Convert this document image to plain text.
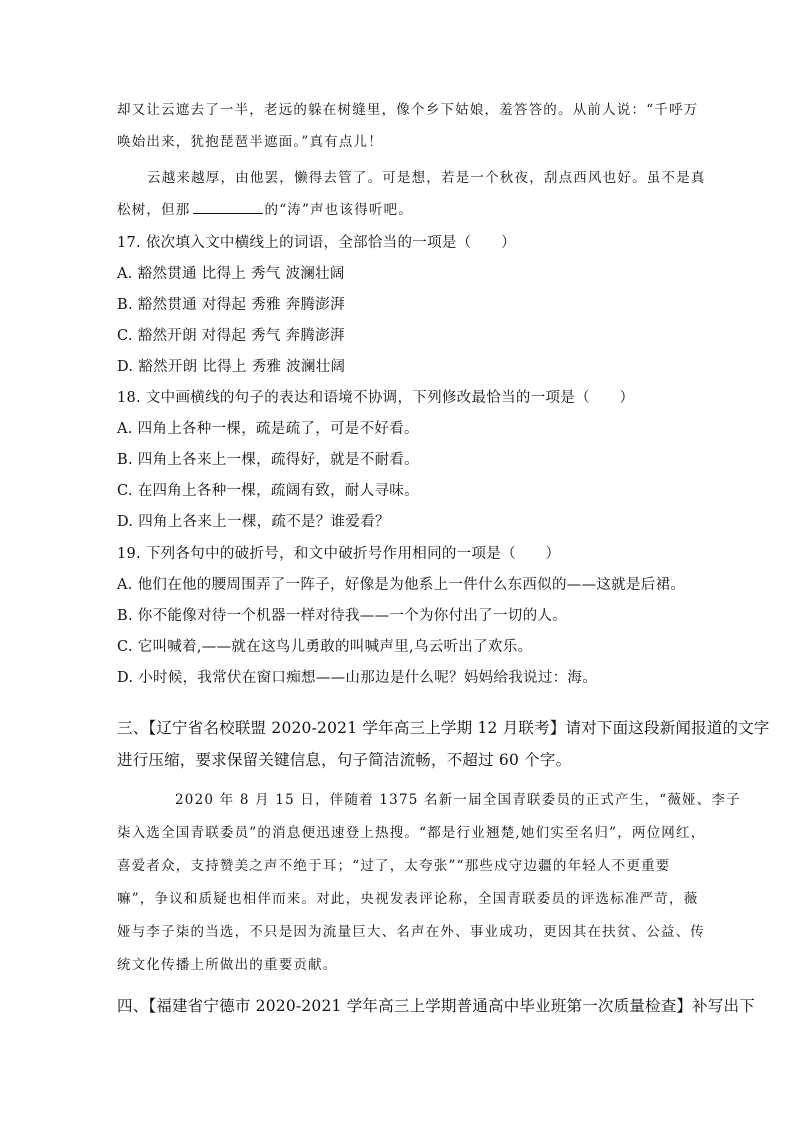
却又让云遮去了一半，老远的躲在树缝里，像个乡下姑娘，羞答答的。从前人说：“千呼万
唤始出来，犹抱琵琶半遮面。”真有点儿！
云越来越厚，由他罢，懒得去管了。可是想，若是一个秋夜，刮点西风也好。虽不是真
松树，但那	的“涛”声也该得听吧。
17. 依次填入文中横线上的词语，全部恰当的一项是（　　）
A. 豁然贯通 比得上 秀气 波澜壮阔
B. 豁然贯通 对得起 秀雅 奔腾澎湃
C. 豁然开朗 对得起 秀气 奔腾澎湃
D. 豁然开朗 比得上 秀雅 波澜壮阔
18. 文中画横线的句子的表达和语境不协调，下列修改最恰当的一项是（　　）
A. 四角上各种一棵，疏是疏了，可是不好看。
B. 四角上各来上一棵，疏得好，就是不耐看。
C. 在四角上各种一棵，疏阔有致，耐人寻味。
D. 四角上各来上一棵，疏不是？谁爱看？
19. 下列各句中的破折号，和文中破折号作用相同的一项是（　　）
A. 他们在他的腰周围弄了一阵子，好像是为他系上一件什么东西似的——这就是后裙。
B. 你不能像对待一个机器一样对待我——一个为你付出了一切的人。
C. 它叫喊着,——就在这鸟儿勇敢的叫喊声里,乌云听出了欢乐。
D. 小时候，我常伏在窗口痴想——山那边是什么呢？妈妈给我说过：海。
三、【辽宁省名校联盟 2020-2021 学年高三上学期 12 月联考】请对下面这段新闻报道的文字
进行压缩，要求保留关键信息，句子简洁流畅，不超过 60 个字。
2020 年 8 月 15 日，伴随着 1375 名新一届全国青联委员的正式产生，“薇娅、李子
柒入选全国青联委员”的消息便迅速登上热搜。“都是行业翘楚,她们实至名归”，两位网红，
喜爱者众，支持赞美之声不绝于耳；“过了，太夸张”“那些戍守边疆的年轻人不更重要
嘛”，争议和质疑也相伴而来。对此，央视发表评论称，全国青联委员的评选标准严苛，薇
娅与李子柒的当选，不只是因为流量巨大、名声在外、事业成功，更因其在扶贫、公益、传
统文化传播上所做出的重要贡献。
四、【福建省宁德市 2020-2021 学年高三上学期普通高中毕业班第一次质量检查】补写出下
